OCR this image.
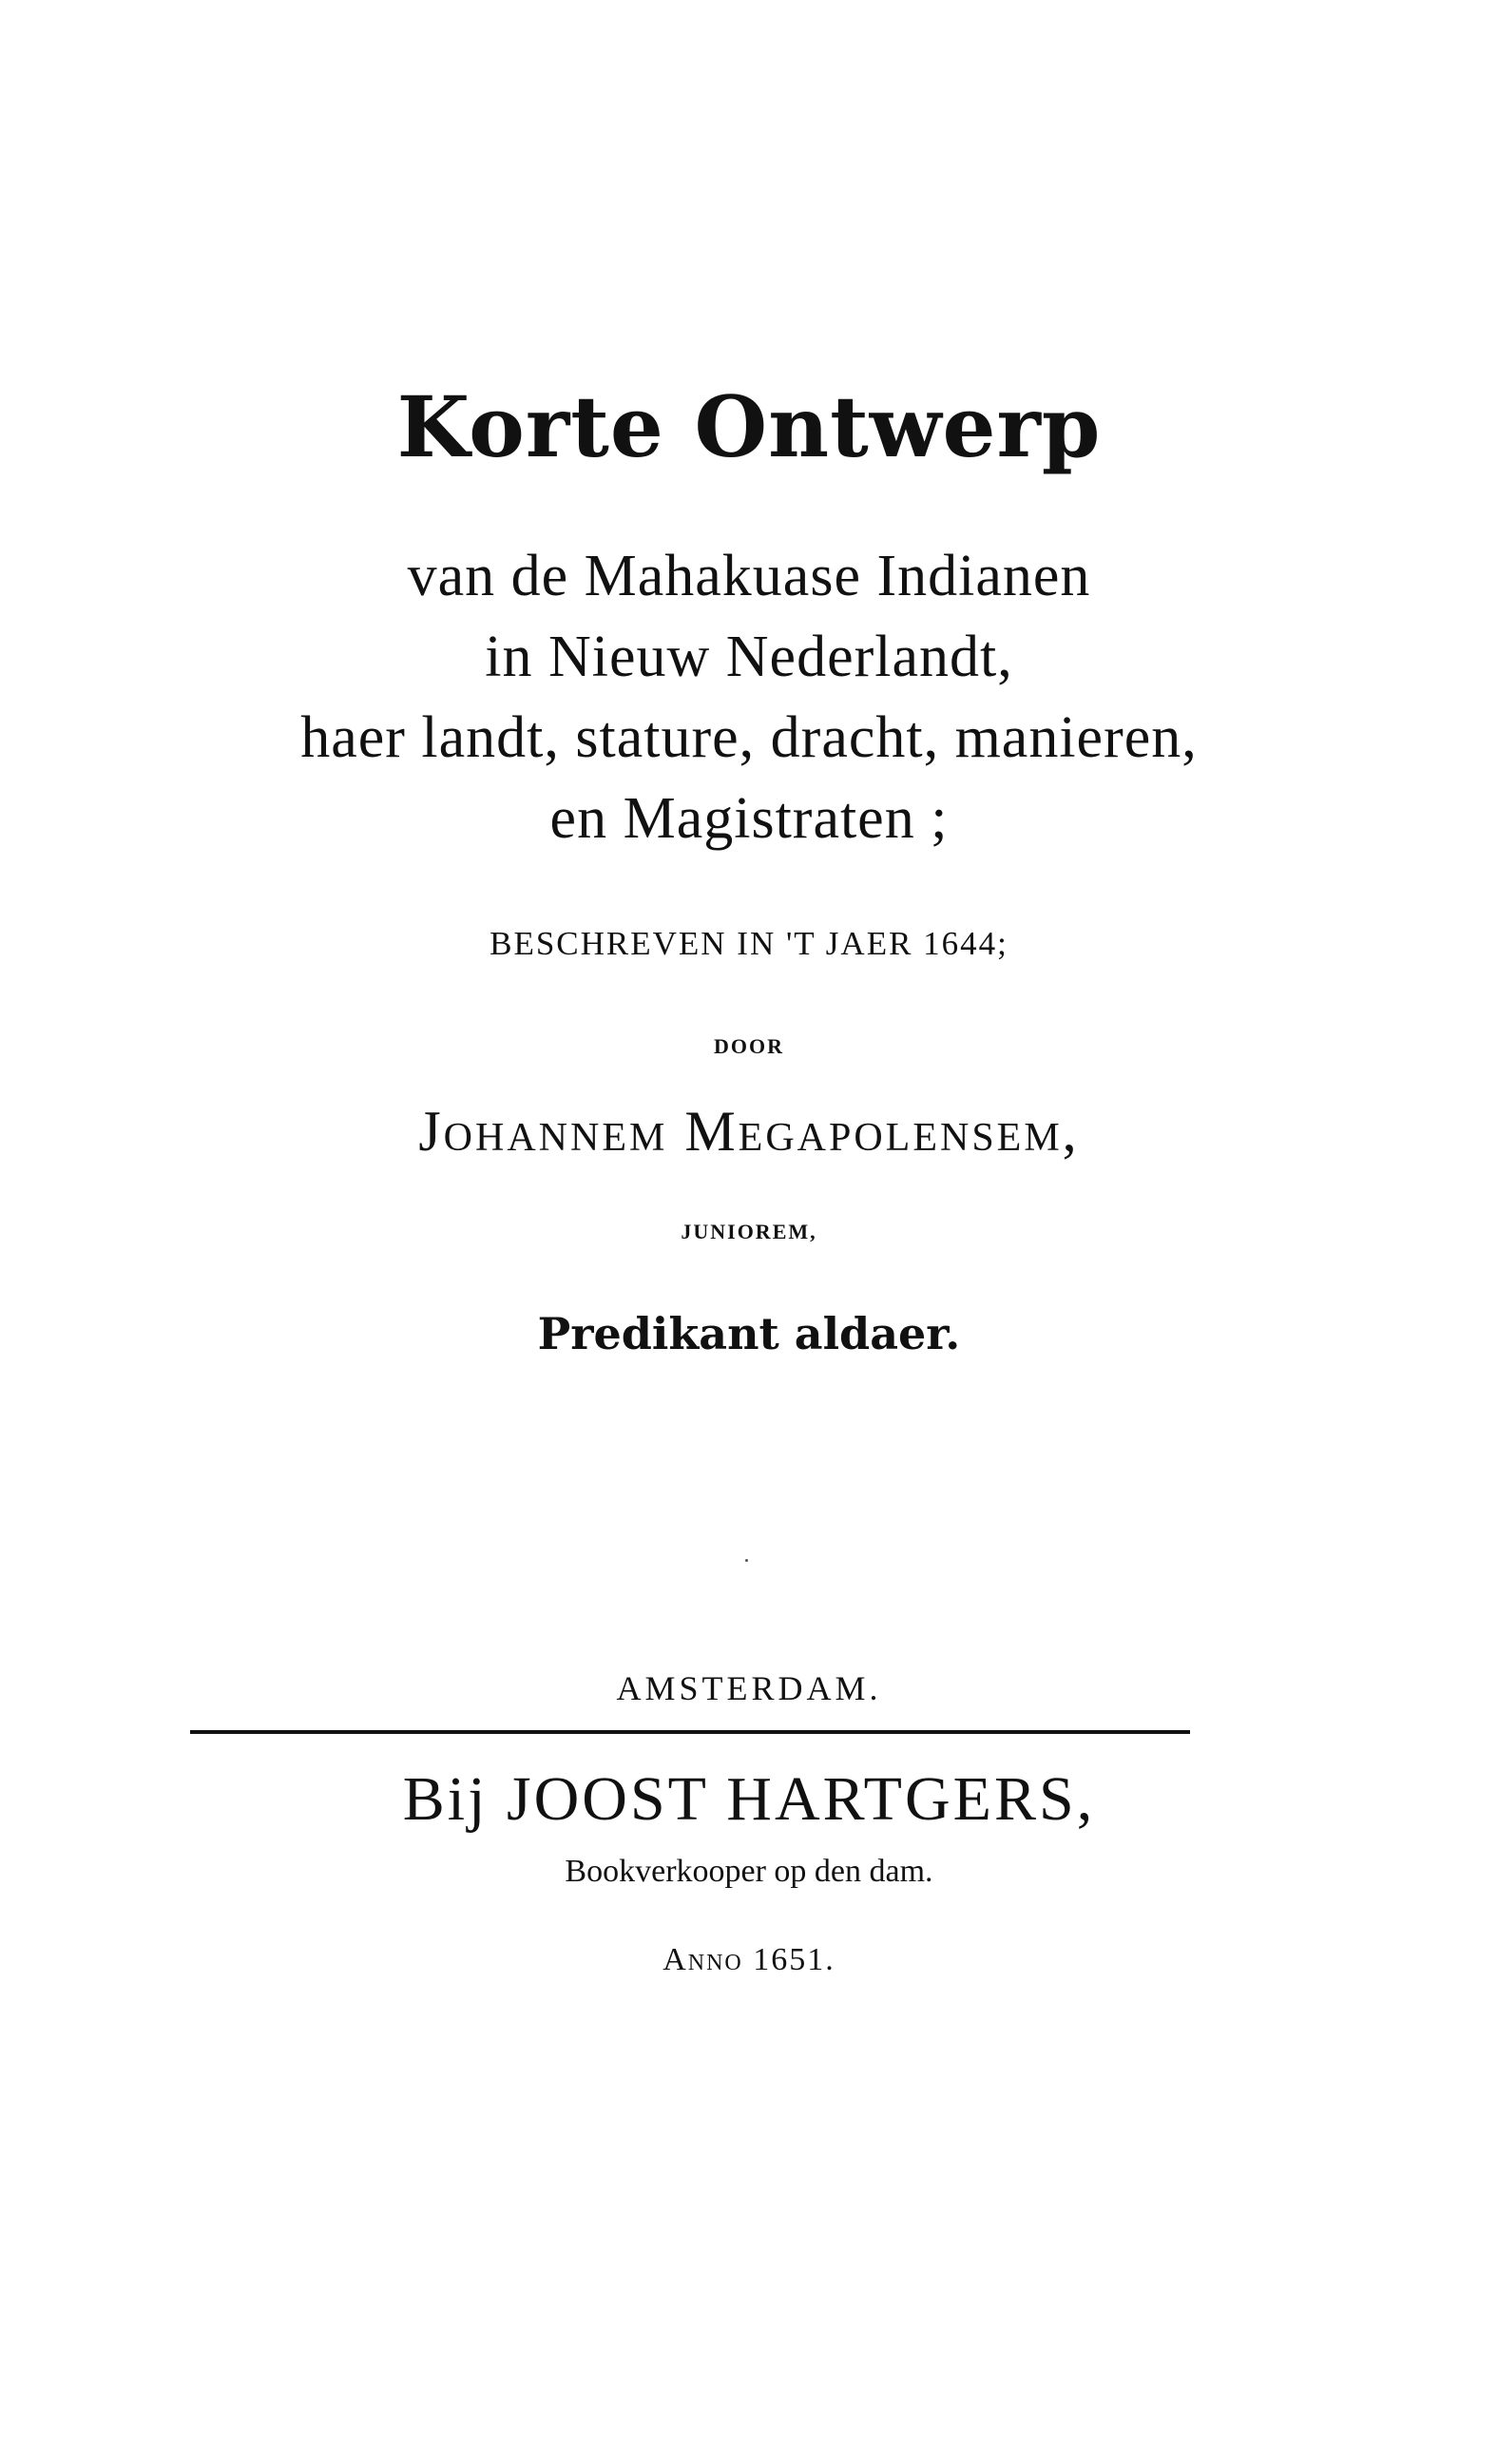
Korte Ontwerp
van de Mahakuase Indianen
in Nieuw Nederlandt,
haer landt, stature, dracht, manieren,
en Magistraten ;
BESCHREVEN IN 'T JAER 1644;
DOOR
Johannem Megapolensem,
JUNIOREM,
Predikant aldaer.
AMSTERDAM.
Bij JOOST HARTGERS,
Bookverkooper op den dam.
Anno 1651.
